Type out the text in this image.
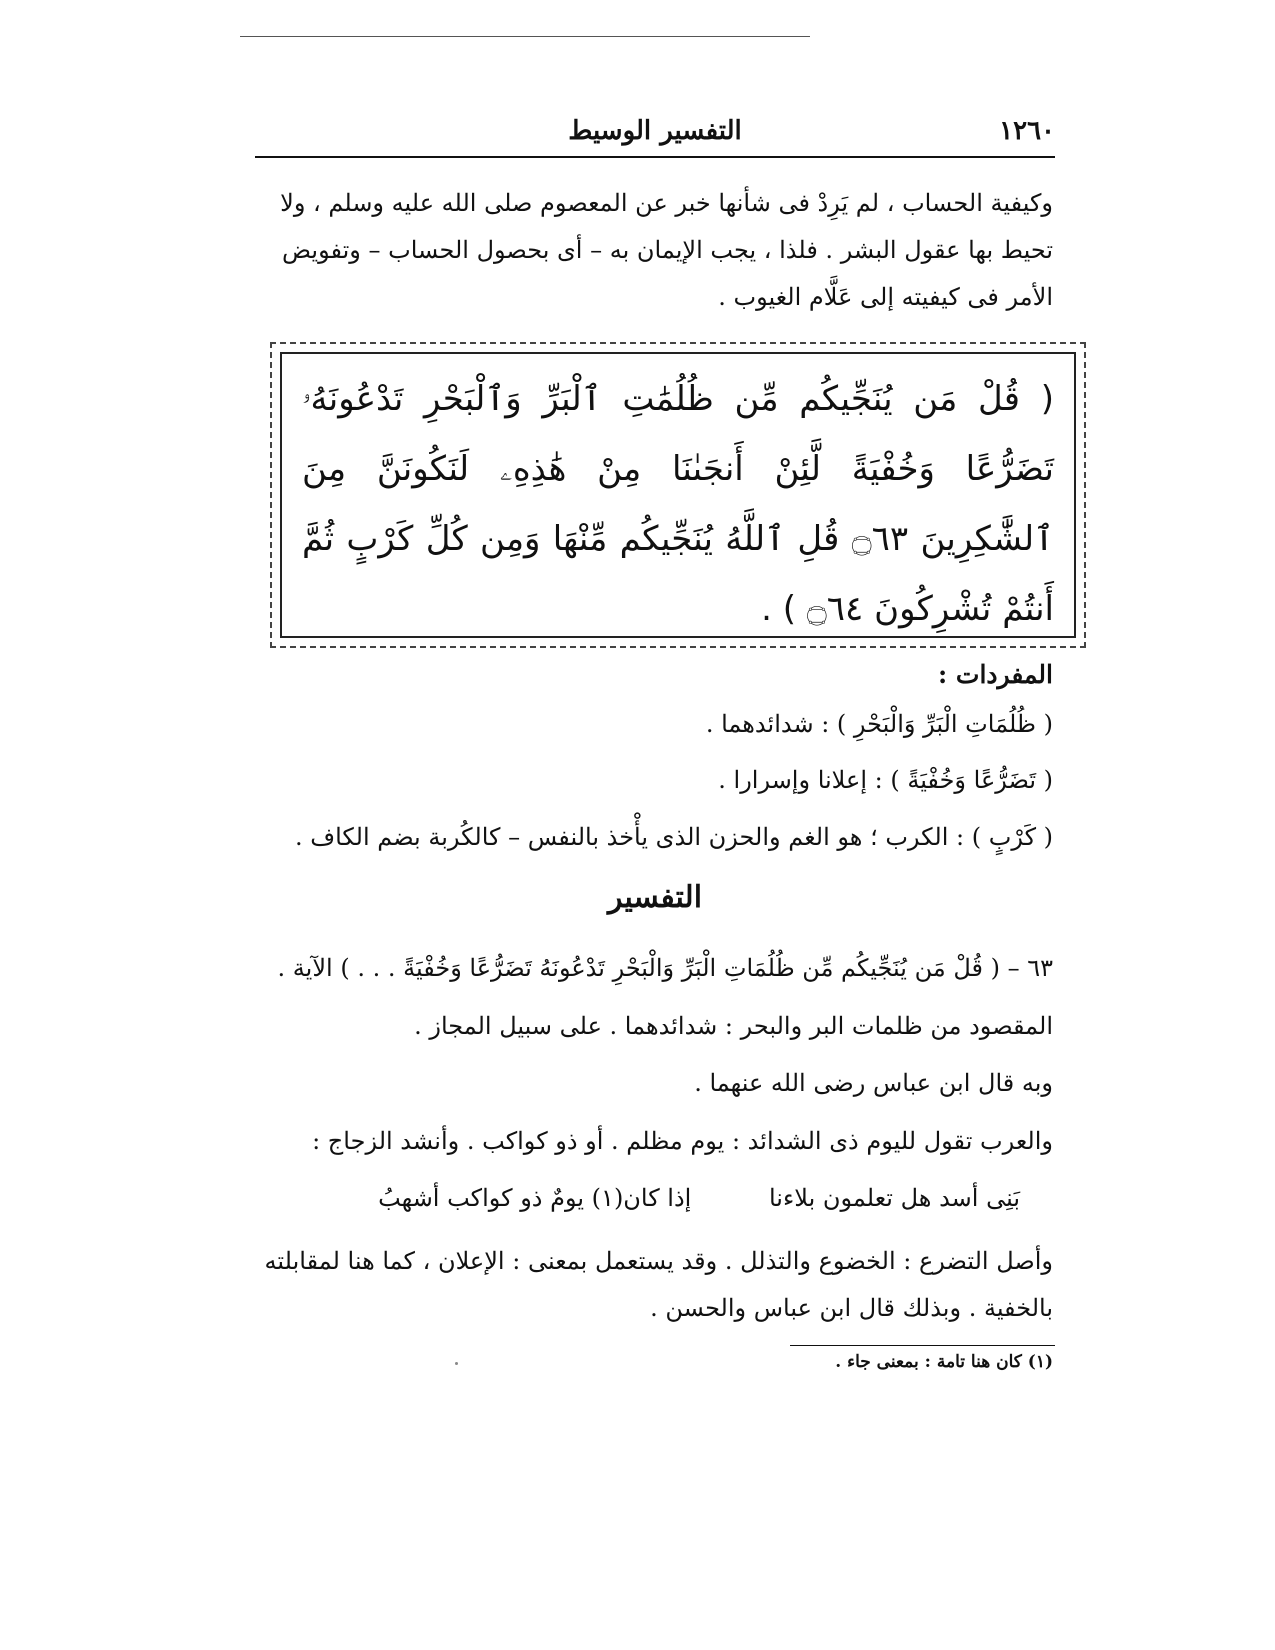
١٢٦٠
التفسير الوسيط

وكيفية الحساب ، لم يَرِدْ فى شأنها خبر عن المعصوم صلى الله عليه وسلم ، ولا تحيط بها عقول البشر . فلذا ، يجب الإيمان به – أى بحصول الحساب – وتفويض الأمر فى كيفيته إلى عَلَّام الغيوب .

( قُلْ مَن يُنَجِّيكُم مِّن ظُلُمَٰتِ ٱلْبَرِّ وَٱلْبَحْرِ تَدْعُونَهُۥ تَضَرُّعًا وَخُفْيَةً لَّئِنْ أَنجَىٰنَا مِنْ هَٰذِهِۦ لَنَكُونَنَّ مِنَ ٱلشَّٰكِرِينَ ۝٦٣ قُلِ ٱللَّهُ يُنَجِّيكُم مِّنْهَا وَمِن كُلِّ كَرْبٍ ثُمَّ أَنتُمْ تُشْرِكُونَ ۝٦٤ ) .
المفردات :
( ظُلُمَاتِ الْبَرِّ وَالْبَحْرِ ) : شدائدهما .
( تَضَرُّعًا وَخُفْيَةً ) : إعلانا وإسرارا .
( كَرْبٍ ) : الكرب ؛ هو الغم والحزن الذى يأْخذ بالنفس – كالكُربة بضم الكاف .
التفسير

٦٣ – ( قُلْ مَن يُنَجِّيكُم مِّن ظُلُمَاتِ الْبَرِّ وَالْبَحْرِ تَدْعُونَهُ تَضَرُّعًا وَخُفْيَةً . . . ) الآية .

المقصود من ظلمات البر والبحر : شدائدهما . على سبيل المجاز .

وبه قال ابن عباس رضى الله عنهما .

والعرب تقول لليوم ذى الشدائد : يوم مظلم . أو ذو كواكب . وأنشد الزجاج :

بَنِى أسد هل تعلمون بلاءنا إذا كان(١) يومٌ ذو كواكب أشهبُ

وأصل التضرع : الخضوع والتذلل . وقد يستعمل بمعنى : الإعلان ، كما هنا لمقابلته بالخفية . وبذلك قال ابن عباس والحسن .

(١) كان هنا تامة : بمعنى جاء .
